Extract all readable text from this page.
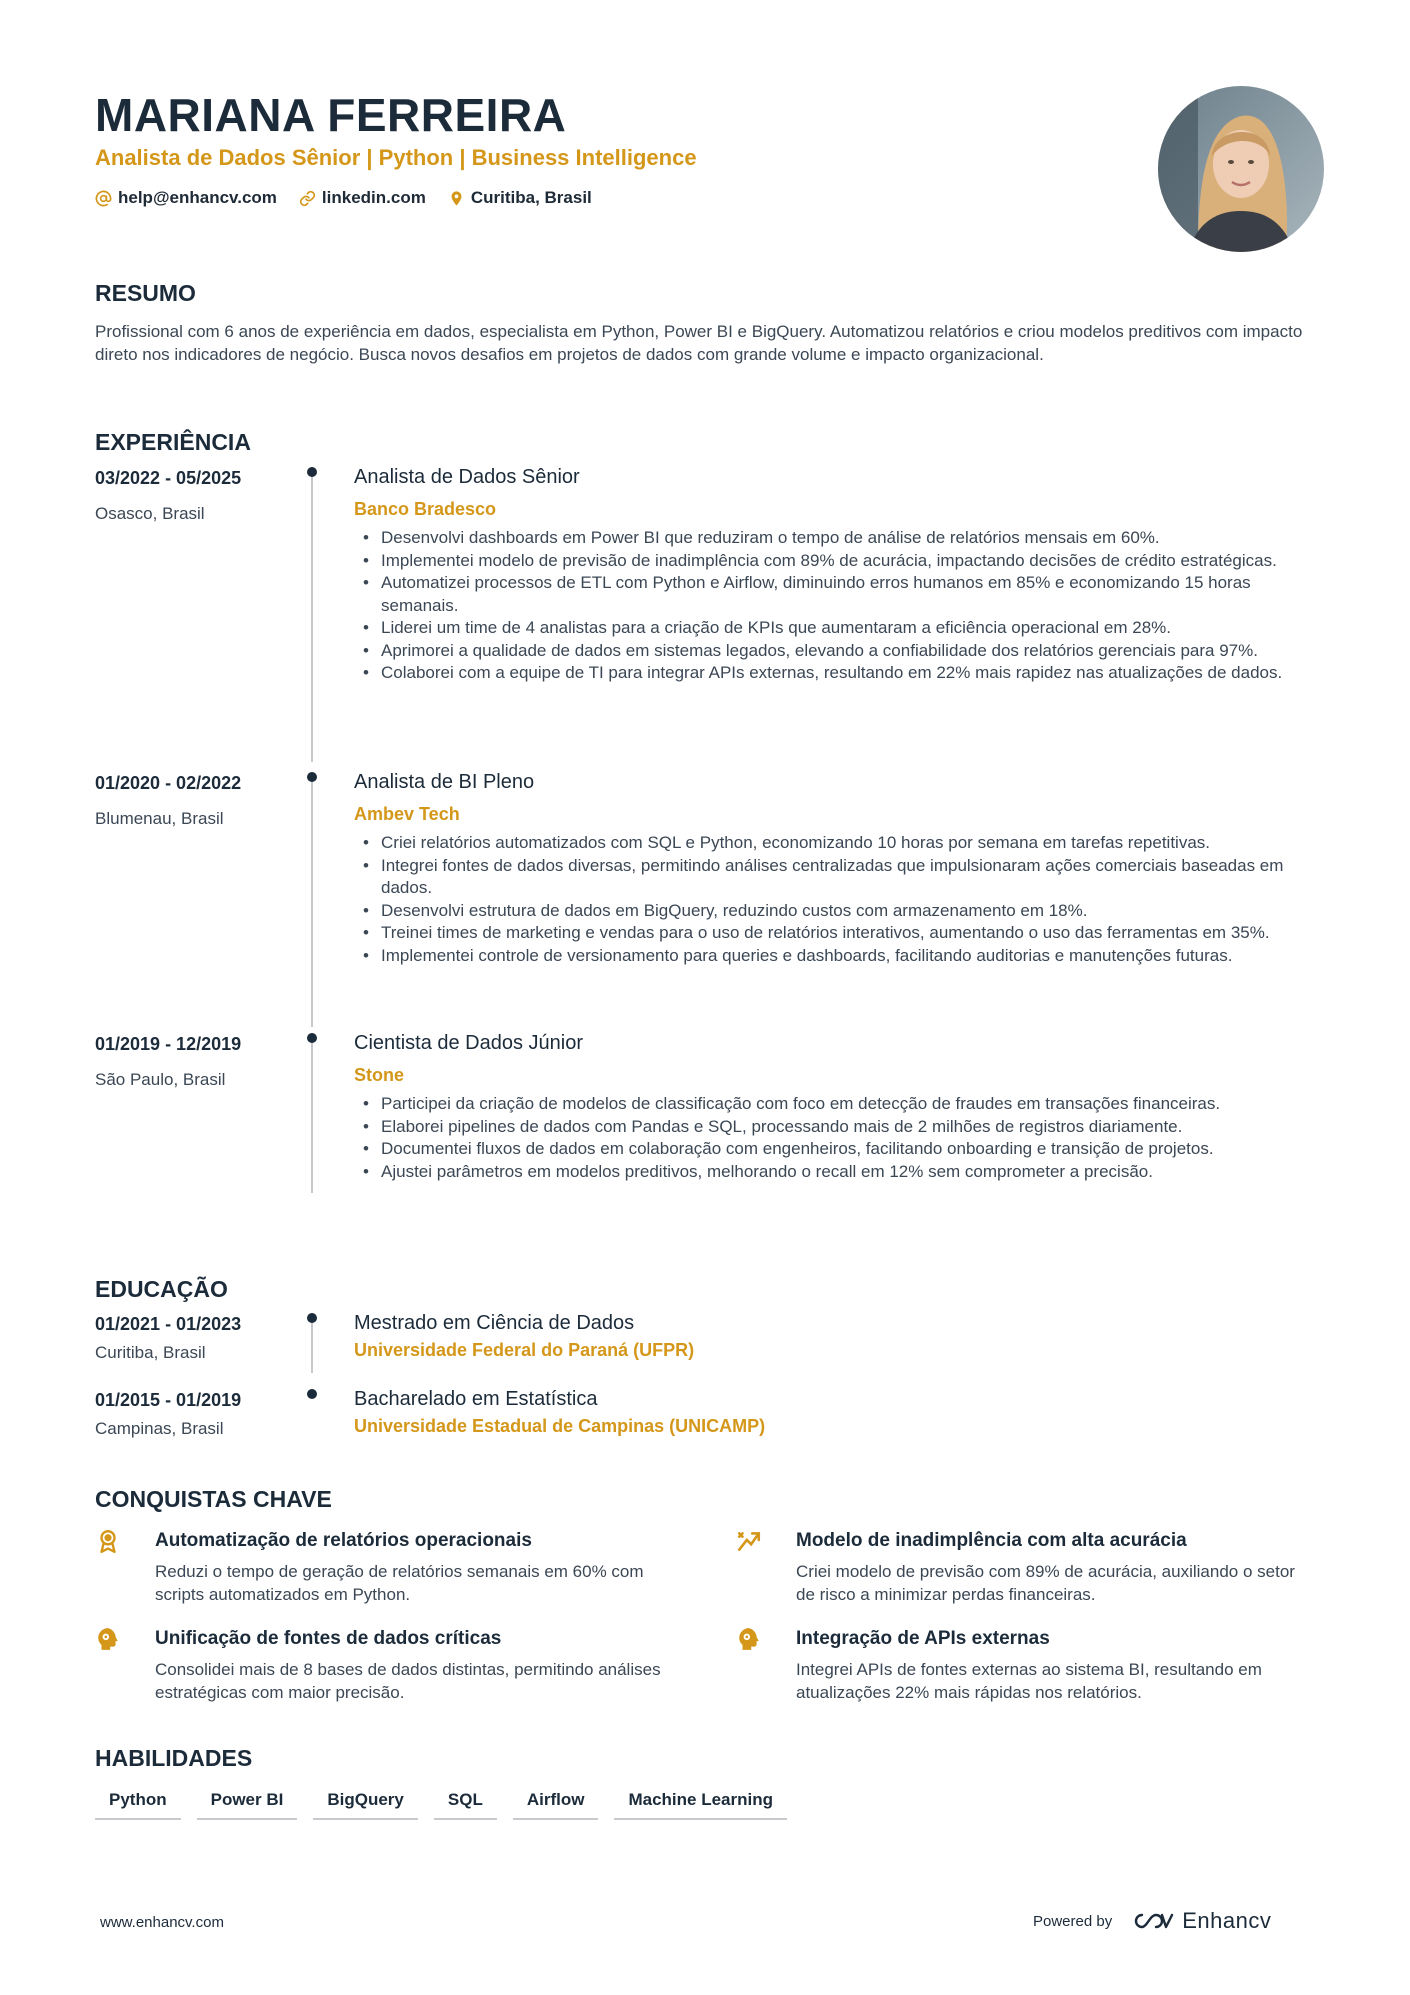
MARIANA FERREIRA
Analista de Dados Sênior | Python | Business Intelligence
help@enhancv.com	linkedin.com	Curitiba, Brasil
RESUMO
Profissional com 6 anos de experiência em dados, especialista em Python, Power BI e BigQuery. Automatizou relatórios e criou modelos preditivos com impacto direto nos indicadores de negócio. Busca novos desafios em projetos de dados com grande volume e impacto organizacional.
EXPERIÊNCIA
03/2022 - 05/2025
Osasco, Brasil
Analista de Dados Sênior
Banco Bradesco
• Desenvolvi dashboards em Power BI que reduziram o tempo de análise de relatórios mensais em 60%.
• Implementei modelo de previsão de inadimplência com 89% de acurácia, impactando decisões de crédito estratégicas.
• Automatizei processos de ETL com Python e Airflow, diminuindo erros humanos em 85% e economizando 15 horas semanais.
• Liderei um time de 4 analistas para a criação de KPIs que aumentaram a eficiência operacional em 28%.
• Aprimorei a qualidade de dados em sistemas legados, elevando a confiabilidade dos relatórios gerenciais para 97%.
• Colaborei com a equipe de TI para integrar APIs externas, resultando em 22% mais rapidez nas atualizações de dados.
01/2020 - 02/2022
Blumenau, Brasil
Analista de BI Pleno
Ambev Tech
• Criei relatórios automatizados com SQL e Python, economizando 10 horas por semana em tarefas repetitivas.
• Integrei fontes de dados diversas, permitindo análises centralizadas que impulsionaram ações comerciais baseadas em dados.
• Desenvolvi estrutura de dados em BigQuery, reduzindo custos com armazenamento em 18%.
• Treinei times de marketing e vendas para o uso de relatórios interativos, aumentando o uso das ferramentas em 35%.
• Implementei controle de versionamento para queries e dashboards, facilitando auditorias e manutenções futuras.
01/2019 - 12/2019
São Paulo, Brasil
Cientista de Dados Júnior
Stone
• Participei da criação de modelos de classificação com foco em detecção de fraudes em transações financeiras.
• Elaborei pipelines de dados com Pandas e SQL, processando mais de 2 milhões de registros diariamente.
• Documentei fluxos de dados em colaboração com engenheiros, facilitando onboarding e transição de projetos.
• Ajustei parâmetros em modelos preditivos, melhorando o recall em 12% sem comprometer a precisão.
EDUCAÇÃO
01/2021 - 01/2023
Curitiba, Brasil
Mestrado em Ciência de Dados
Universidade Federal do Paraná (UFPR)
01/2015 - 01/2019
Campinas, Brasil
Bacharelado em Estatística
Universidade Estadual de Campinas (UNICAMP)
CONQUISTAS CHAVE
Automatização de relatórios operacionais
Reduzi o tempo de geração de relatórios semanais em 60% com scripts automatizados em Python.
Modelo de inadimplência com alta acurácia
Criei modelo de previsão com 89% de acurácia, auxiliando o setor de risco a minimizar perdas financeiras.
Unificação de fontes de dados críticas
Consolidei mais de 8 bases de dados distintas, permitindo análises estratégicas com maior precisão.
Integração de APIs externas
Integrei APIs de fontes externas ao sistema BI, resultando em atualizações 22% mais rápidas nos relatórios.
HABILIDADES
Python	Power BI	BigQuery	SQL	Airflow	Machine Learning
www.enhancv.com	Powered by	Enhancv
